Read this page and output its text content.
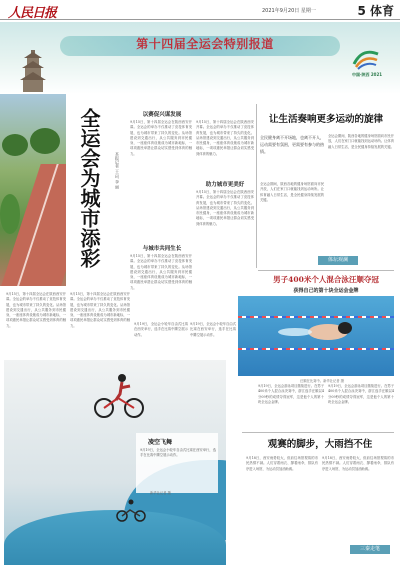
人民日报	2021年9月20日 星期一	5 体育
第十四届全运会特别报道
中国·陕西 2021
全运会为城市添彩	本报记者 王 珂 李 丽
以赛促兴谋发展
9月15日，第十四届全运会在陕西西安开幕。全运会的举办不仅推动了竞技体育发展，也为城市带来了持久的变化。从场馆建设到交通出行，从公共服务到市民健身，一座座体育设施成为城市新地标，一项项惠民举措让群众切实感受到体育的魅力。
9月15日，第十四届全运会在陕西西安开幕。全运会的举办不仅推动了竞技体育发展，也为城市带来了持久的变化。从场馆建设到交通出行，从公共服务到市民健身，一座座体育设施成为城市新地标，一项项惠民举措让群众切实感受到体育的魅力。
与城市共同生长
9月15日，第十四届全运会在陕西西安开幕。全运会的举办不仅推动了竞技体育发展，也为城市带来了持久的变化。从场馆建设到交通出行，从公共服务到市民健身，一座座体育设施成为城市新地标，一项项惠民举措让群众切实感受到体育的魅力。
助力城市更美好
9月15日，第十四届全运会在陕西西安开幕。全运会的举办不仅推动了竞技体育发展，也为城市带来了持久的变化。从场馆建设到交通出行，从公共服务到市民健身，一座座体育设施成为城市新地标，一项项惠民举措让群众切实感受到体育的魅力。
9月15日，第十四届全运会在陕西西安开幕。全运会的举办不仅推动了竞技体育发展，也为城市带来了持久的变化。从场馆建设到交通出行，从公共服务到市民健身，一座座体育设施成为城市新地标，一项项惠民举措让群众切实感受到体育的魅力。
9月15日，第十四届全运会在陕西西安开幕。全运会的举办不仅推动了竞技体育发展，也为城市带来了持久的变化。从场馆建设到交通出行，从公共服务到市民健身，一座座体育设施成为城市新地标，一项项惠民举措让群众切实感受到体育的魅力。
让生活奏响更多运动的旋律
全民健身离不开场地，也离不开人，运动需要有氛围，更需要有参与的热情。
全运会期间，陕西各地的健身场馆面向市民开放，人们在家门口就能找到运动场所。让体育融入日常生活，是全民健身持续发展的关键。
全运会期间，陕西各地的健身场馆面向市民开放，人们在家门口就能找到运动场所。让体育融入日常生活，是全民健身持续发展的关键。
体坛观澜
男子400米个人混合泳汪顺夺冠
获得自己的第十块全运会金牌
汪顺在比赛中。新华社记者 摄
9月19日，全运会游泳项目继续进行。在男子400米个人混合泳决赛中，浙江选手汪顺以4分09秒的成绩夺得冠军，这是他个人的第十块全运会金牌。
9月19日，全运会游泳项目继续进行。在男子400米个人混合泳决赛中，浙江选手汪顺以4分09秒的成绩夺得冠军，这是他个人的第十块全运会金牌。
9月19日，全运会小轮车自由式比赛在西安举行，选手在比赛中腾空展示动作。
9月19日，全运会小轮车自由式比赛在西安举行，选手在比赛中腾空展示动作。
凌空飞舞
9月19日，全运会小轮车自由式比赛在西安举行，选手在比赛中腾空展示动作。
新华社记者 摄
观赛的脚步，大雨挡不住
9月18日，西安雨势较大，但前往场馆观赛的市民热情不减。人们穿着雨衣、撑着雨伞，排队有序进入场馆，为运动员加油助威。
9月18日，西安雨势较大，但前往场馆观赛的市民热情不减。人们穿着雨衣、撑着雨伞，排队有序进入场馆，为运动员加油助威。
三秦走笔
